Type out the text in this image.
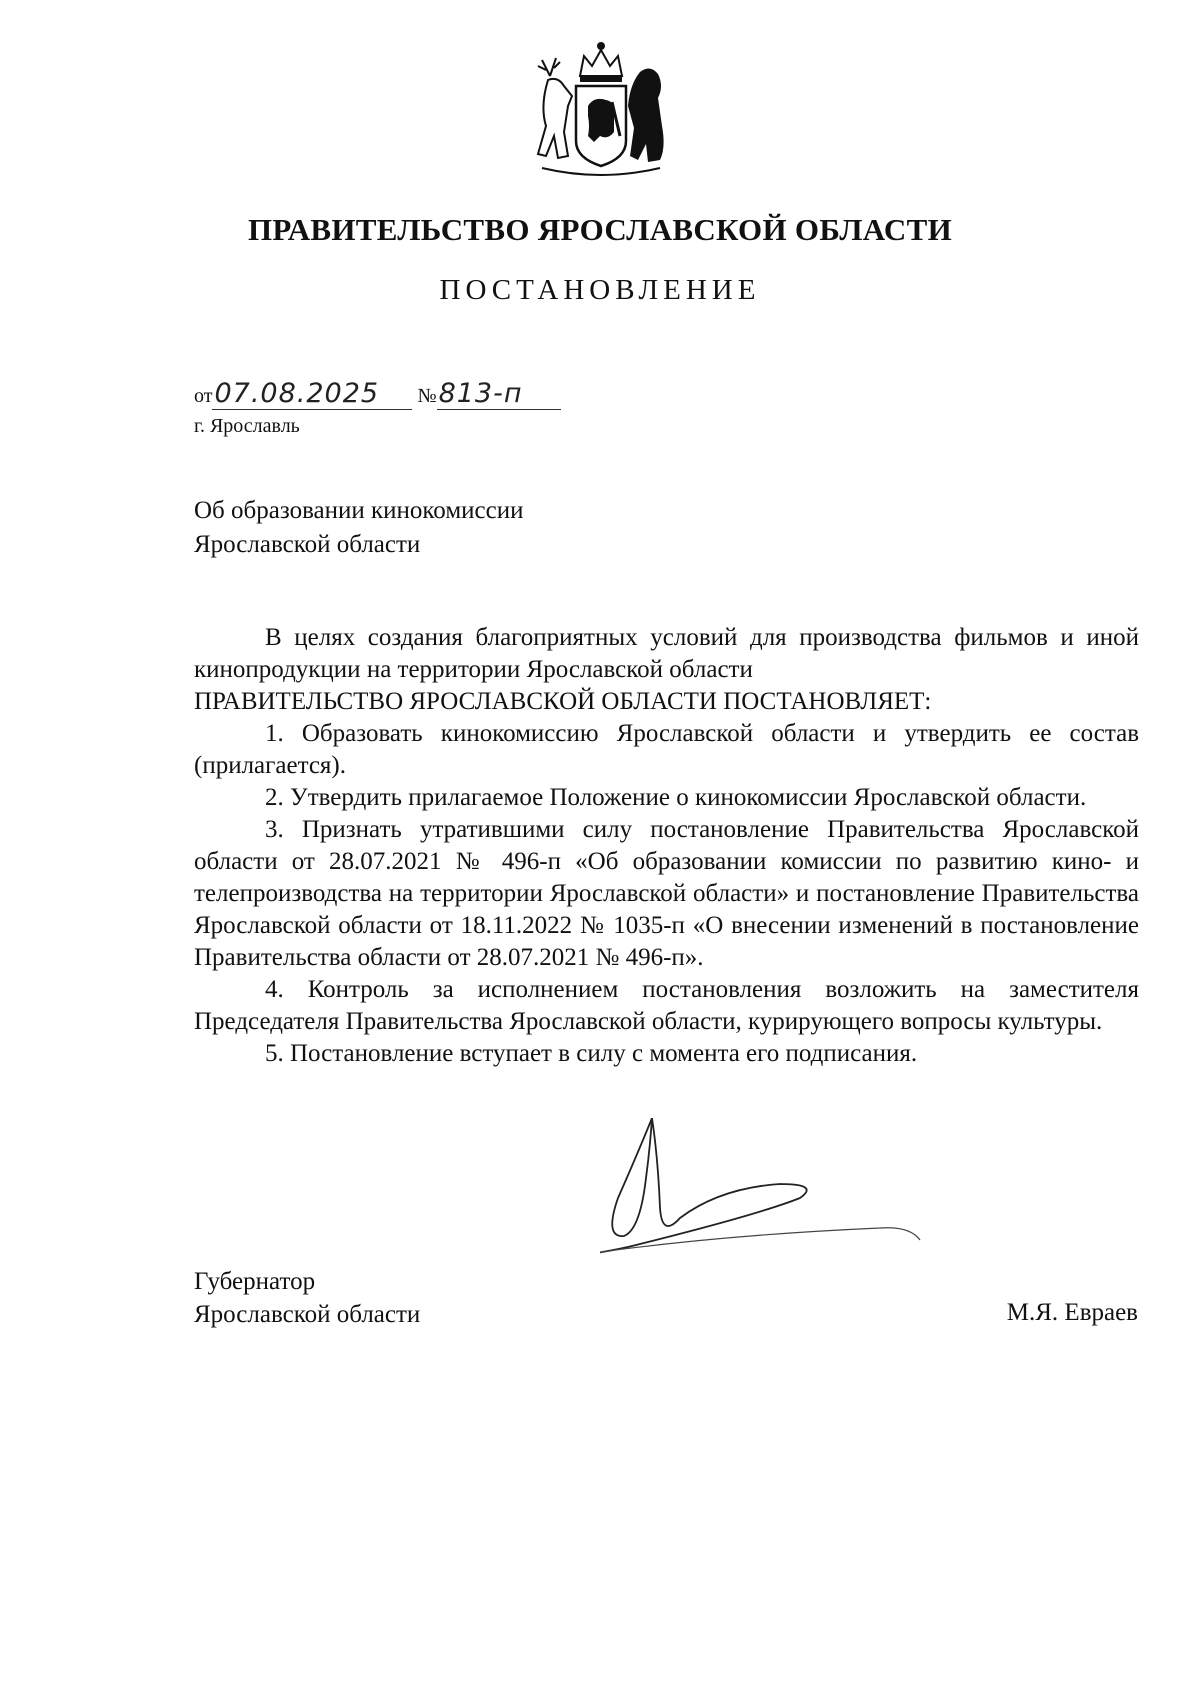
ПРАВИТЕЛЬСТВО ЯРОСЛАВСКОЙ ОБЛАСТИ
ПОСТАНОВЛЕНИЕ
от07.08.2025 №813-п
г. Ярославль
Об образовании кинокомиссии
Ярославской области

В целях создания благоприятных условий для производства фильмов и иной кинопродукции на территории Ярославской области

ПРАВИТЕЛЬСТВО ЯРОСЛАВСКОЙ ОБЛАСТИ ПОСТАНОВЛЯЕТ:

1. Образовать кинокомиссию Ярославской области и утвердить ее состав (прилагается).

2. Утвердить прилагаемое Положение о кинокомиссии Ярославской области.

3. Признать утратившими силу постановление Правительства Ярославской области от 28.07.2021 № 496-п «Об образовании комиссии по развитию кино- и телепроизводства на территории Ярославской области» и постановление Правительства Ярославской области от 18.11.2022 № 1035-п «О внесении изменений в постановление Правительства области от 28.07.2021 № 496-п».

4. Контроль за исполнением постановления возложить на заместителя Председателя Правительства Ярославской области, курирующего вопросы культуры.

5. Постановление вступает в силу с момента его подписания.

Губернатор
Ярославской области	М.Я. Евраев
